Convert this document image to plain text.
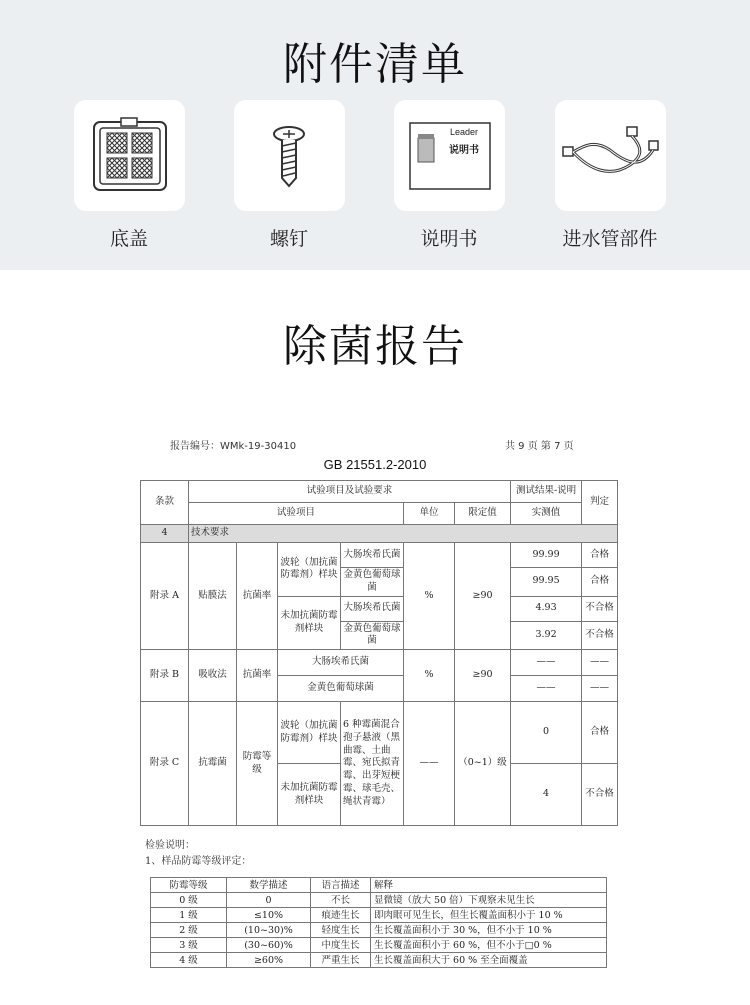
附件清单
底盖	螺钉
Leader
说明书
说明书	进水管部件
除菌报告
报告编号：WMk-19-30410	共 9 页 第 7 页
GB 21551.2-2010
条款	试验项目及试验要求						测试结果-说明	判定
	试验项目				单位	限定值	实测值	
4	技术要求							
附录 A	贴膜法	抗菌率	波轮（加抗菌防霉剂）样块	大肠埃希氏菌	%	≥90	99.99	合格
				金黄色葡萄球菌			99.95	合格
			未加抗菌防霉剂样块	大肠埃希氏菌			4.93	不合格
				金黄色葡萄球菌			3.92	不合格
附录 B	吸收法	抗菌率	大肠埃希氏菌		%	≥90	——	——
			金黄色葡萄球菌				——	——
附录 C	抗霉菌	防霉等级	波轮（加抗菌防霉剂）样块	6 种霉菌混合孢子悬液（黑曲霉、土曲霉、宛氏拟青霉、出芽短梗霉、球毛壳、绳状青霉）	——	（0~1）级	0	合格
			未加抗菌防霉剂样块				4	不合格
检验说明：
1、样品防霉等级评定：
防霉等级	数学描述	语言描述	解释
0 级	0	不长	显微镜（放大 50 倍）下观察未见生长
1 级	≤10%	痕迹生长	即肉眼可见生长，但生长覆盖面积小于 10 %
2 级	(10~30)%	轻度生长	生长覆盖面积小于 30 %，但不小于 10 %
3 级	(30~60)%	中度生长	生长覆盖面积小于 60 %，但不小于□0 %
4 级	≥60%	严重生长	生长覆盖面积大于 60 % 至全面覆盖
